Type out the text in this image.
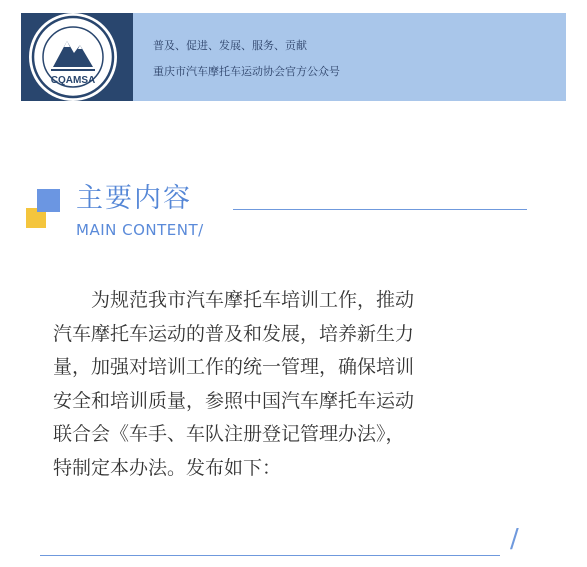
CQAMSA
普及、促进、发展、服务、贡献
重庆市汽车摩托车运动协会官方公众号
主要内容
MAIN CONTENT/

　　为规范我市汽车摩托车培训工作，推动
汽车摩托车运动的普及和发展，培养新生力
量，加强对培训工作的统一管理，确保培训
安全和培训质量，参照中国汽车摩托车运动
联合会《车手、车队注册登记管理办法》，
特制定本办法。发布如下：

/
